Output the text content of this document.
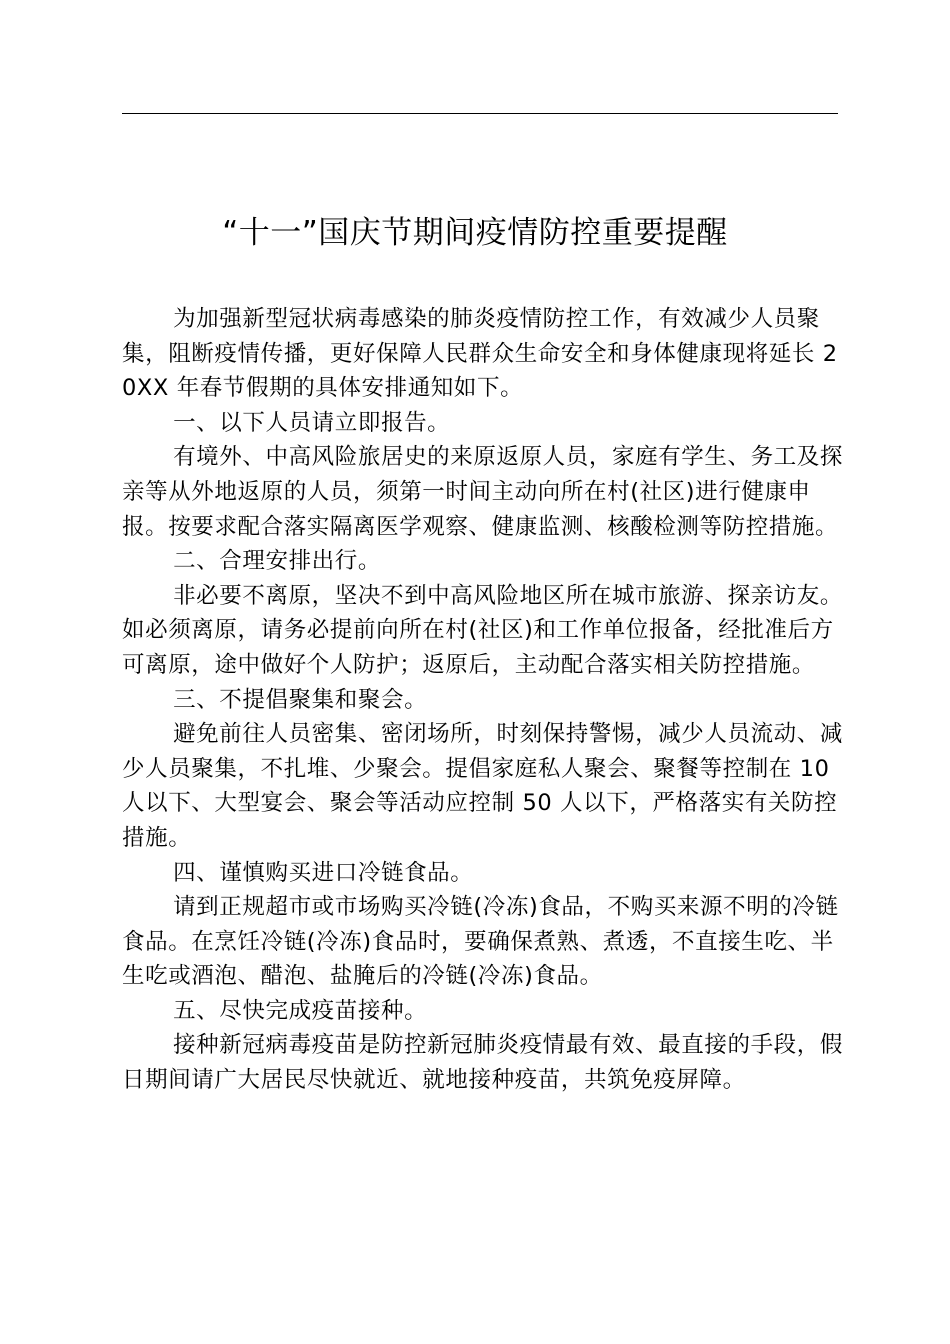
“十一”国庆节期间疫情防控重要提醒

为加强新型冠状病毒感染的肺炎疫情防控工作，有效减少人员聚集，阻断疫情传播，更好保障人民群众生命安全和身体健康现将延长 20XX 年春节假期的具体安排通知如下。

一、以下人员请立即报告。

有境外、中高风险旅居史的来原返原人员，家庭有学生、务工及探亲等从外地返原的人员，须第一时间主动向所在村(社区)进行健康申报。按要求配合落实隔离医学观察、健康监测、核酸检测等防控措施。

二、合理安排出行。

非必要不离原，坚决不到中高风险地区所在城市旅游、探亲访友。如必须离原，请务必提前向所在村(社区)和工作单位报备，经批准后方可离原，途中做好个人防护；返原后，主动配合落实相关防控措施。

三、不提倡聚集和聚会。

避免前往人员密集、密闭场所，时刻保持警惕，减少人员流动、减少人员聚集，不扎堆、少聚会。提倡家庭私人聚会、聚餐等控制在 10 人以下、大型宴会、聚会等活动应控制 50 人以下，严格落实有关防控措施。

四、谨慎购买进口冷链食品。

请到正规超市或市场购买冷链(冷冻)食品，不购买来源不明的冷链食品。在烹饪冷链(冷冻)食品时，要确保煮熟、煮透，不直接生吃、半生吃或酒泡、醋泡、盐腌后的冷链(冷冻)食品。

五、尽快完成疫苗接种。

接种新冠病毒疫苗是防控新冠肺炎疫情最有效、最直接的手段，假日期间请广大居民尽快就近、就地接种疫苗，共筑免疫屏障。
